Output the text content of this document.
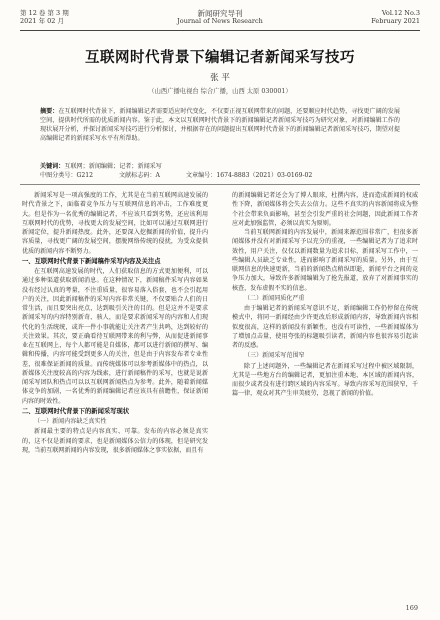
第 12 卷 第 3 期
2021 年 02 月
新闻研究导刊
Journal of News Research
Vol.12 No.3
February 2021
互联网时代背景下编辑记者新闻采写技巧
张 平
（山西广播电视台 综合广播，山西 太原 030001）
摘要：在互联网时代背景下，新闻编辑记者需要适应时代变化，不仅要正视互联网带来的问题，还要顺应时代趋势，寻找更广阔的发展空间，提供时代所需的优质新闻内容。鉴于此，本文以互联网时代背景下的新闻编辑记者新闻采写技巧为研究对象，对新闻编辑工作的现状展开分析，并探讨新闻采写技巧进行分析探讨，并根据存在的问题提出互联网时代背景下的新闻编辑记者新闻采写技巧，期望对提高编辑记者的新闻采写水平有所帮助。
关键词：互联网；新闻编辑；记者；新闻采写
中图分类号：G212	文献标志码：A	文章编号：1674-8883（2021）03-0169-02

新闻采写是一项高强度的工作，尤其是在当前互联网高速发展的时代背景之下，面临着竞争压力与互联网信息的冲击，工作难度更大。但是作为一名优秀的编辑记者，不应该只看到劣势，还应该利用互联网时代的优势，寻找更大的发展空间，比如可以通过互联网进行新闻定位，提升新闻热度。此外，还要深入挖掘新闻的价值，提升内容质量，寻找更广阔的发展空间，摆脱网络传统的侵扰，为受众提供优质的新闻内容不断努力。

一、互联网时代背景下新闻稿件采写内容及关注点

在互联网高速发展的时代，人们获取信息的方式更加便利，可以通过多种渠道获取新闻消息。在这种情况下，新闻稿件采写内容如果没有经过认真的考量，不注重质量，很容易落入俗套，也不会引起用户的关注，因此新闻稿件的采写内容非常关键，不仅要贴合人们的日常生活，而且要突出亮点，达到吸引关注的目的。但是这并不是要求新闻采写的内容特别新奇、骇人，而是要求新闻采写的内容和人们现代化的生活统统，或许一件小事就能让关注者产生共鸣，达到较好的关注效果。其次，要正确看待互联网带来的利与弊，从而促进新闻事业在互联网上，每个人都可能是自媒体，都可以进行新闻的撰写、编辑和传播，内容可能受到更多人的关注，但是由于内容发布者专业性差，很难保证新闻的质量。而传统媒体可以参考新媒体中的热点，以新媒体关注度较高的内容为线索，进行新闻稿件的采写，也就是说新闻采写团队和热点可以以互联网新闻热点为参考。此外，随着新闻媒体竞争的加剧，一名优秀的新闻编辑记者应该具有前瞻性，保证新闻内容的时效性。

二、互联网时代背景下的新闻采写现状
（一）新闻内容缺乏真实性

新闻最主要的特点是内容真实、可靠。发布的内容必须是真实的，这不仅是新闻的要求，也是新闻媒体公信力的体现，但是研究发现，当前互联网新闻的内容发现，很多新闻媒体之事实依据，而且有

的新闻编辑记者还会为了博人眼球，杜撰内容，进而造成新闻的权威性下降，新闻媒体将会失去公信力。这些不真实的内容新闻将成为整个社会带来负面影响，甚至会引发严重的社会问题，因此新闻工作者应对此加强监管，必须以真实为原则。

当前互联网新闻的内容发展中，新闻来源范围非常广，但很多新闻媒体并没有对新闻采写予以充分的重视，一些编辑记者为了追求时效性，用户关注，仅仅以新闻数量为追求目标，新闻采写工作中，一些编辑人员缺乏专业性，进而影响了新闻采写的质量。另外，由于互联网信息的快速更新，当前的新闻热点稍纵即逝，新闻平台之间的竞争压力加大，导致许多新闻编辑为了抢先报道，放弃了对新闻事实的核查，发布虚假不实的信息。

（二）新闻同质化严重

由于编辑记者的新闻采写意识不足，新闻编辑工作仍停留在传统模式中，将同一新闻经由少许更改后形成新闻内容，导致新闻内容相似度很高，这样的新闻没有新颖性，也没有可读性，一些新闻媒体为了增加点击量，使用夸张的标题吸引读者，新闻内容也很容易引起读者的反感。

（三）新闻采写范围窄

除了上述问题外，一些编辑记者在新闻采写过程中被区域限制，尤其是一些地方台的编辑记者，更加注重本地、本区域的新闻内容，而很少或者没有进行跨区域的内容采写。导致内容采写范围狭窄，千篇一律，观众对其产生审美疲劳，忽视了新闻的价值。

169
